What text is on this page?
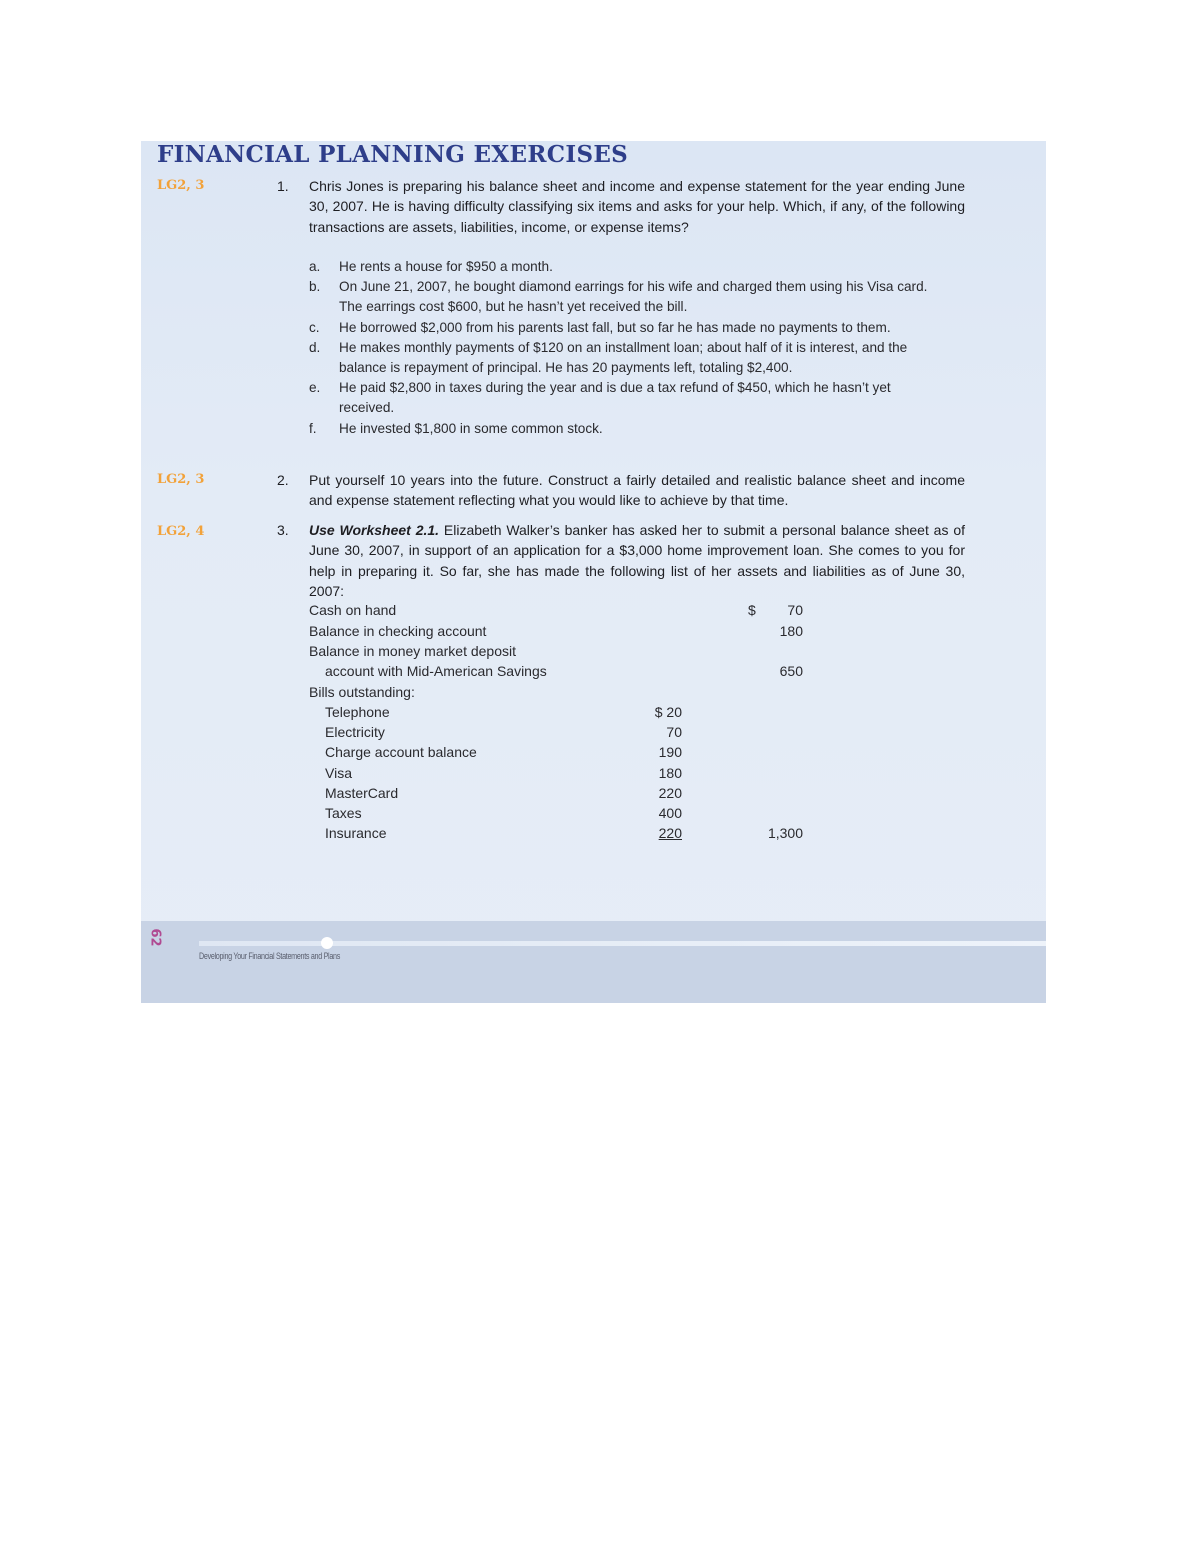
FINANCIAL PLANNING EXERCISES
LG2, 3	1. Chris Jones is preparing his balance sheet and income and expense statement for the year ending June 30, 2007. He is having difficulty classifying six items and asks for your help. Which, if any, of the following transactions are assets, liabilities, income, or expense items?
a. He rents a house for $950 a month.
b. On June 21, 2007, he bought diamond earrings for his wife and charged them using his Visa card. The earrings cost $600, but he hasn’t yet received the bill.
c. He borrowed $2,000 from his parents last fall, but so far he has made no payments to them.
d. He makes monthly payments of $120 on an installment loan; about half of it is interest, and the balance is repayment of principal. He has 20 payments left, totaling $2,400.
e. He paid $2,800 in taxes during the year and is due a tax refund of $450, which he hasn’t yet received.
f. He invested $1,800 in some common stock.
LG2, 3	2. Put yourself 10 years into the future. Construct a fairly detailed and realistic balance sheet and income and expense statement reflecting what you would like to achieve by that time.
LG2, 4	3. Use Worksheet 2.1. Elizabeth Walker’s banker has asked her to submit a personal balance sheet as of June 30, 2007, in support of an application for a $3,000 home improvement loan. She comes to you for help in preparing it. So far, she has made the following list of her assets and liabilities as of June 30, 2007:
Cash on hand	$ 70
Balance in checking account	180
Balance in money market deposit
account with Mid-American Savings	650
Bills outstanding:
Telephone	$ 20
Electricity	70
Charge account balance	190
Visa	180
MasterCard	220
Taxes	400
Insurance	220	1,300
62
Developing Your Financial Statements and Plans
